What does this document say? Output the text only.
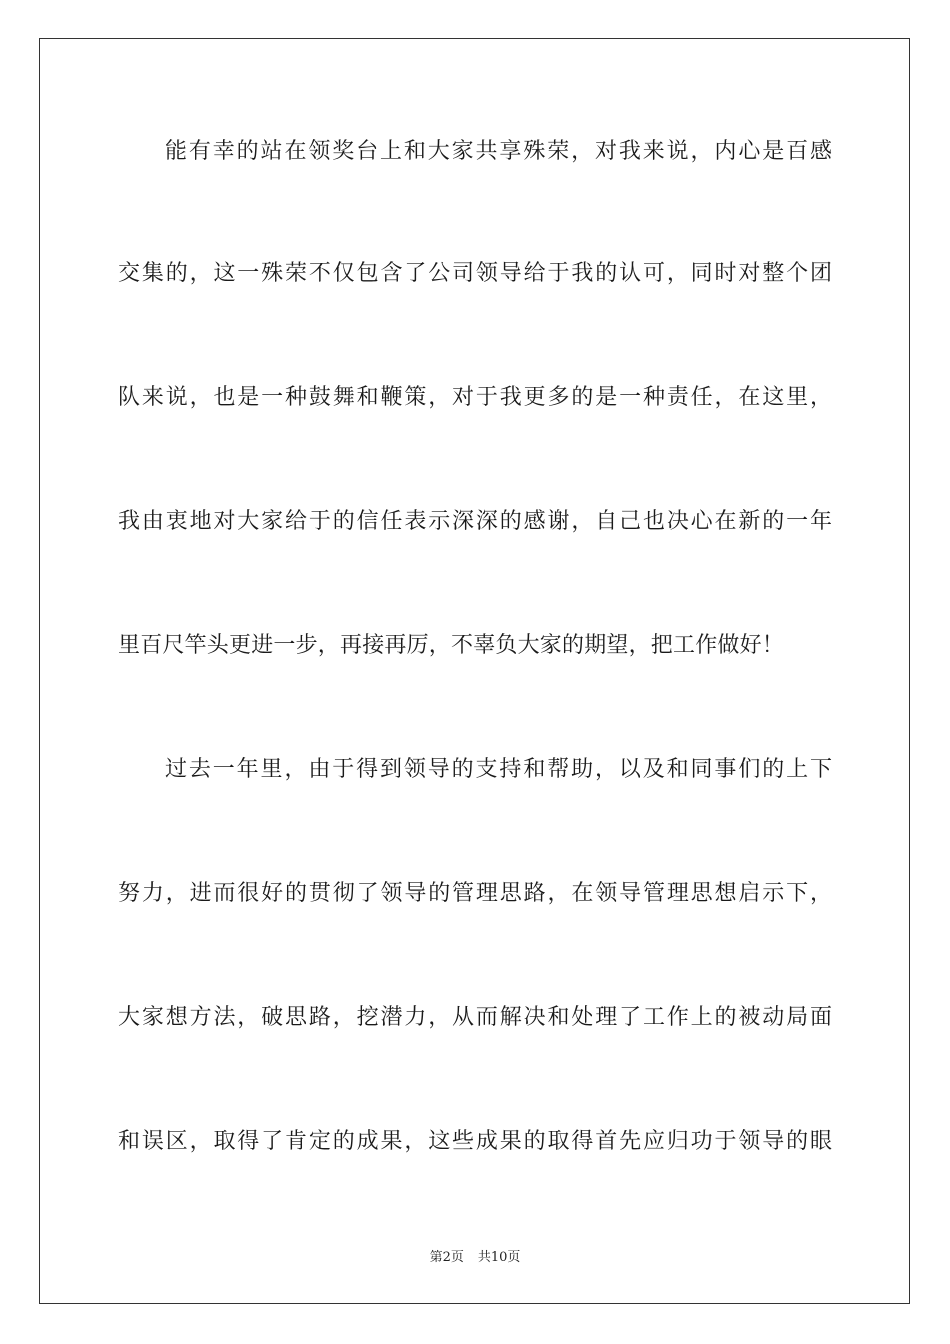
能有幸的站在领奖台上和大家共享殊荣，对我来说，内心是百感
交集的，这一殊荣不仅包含了公司领导给于我的认可，同时对整个团
队来说，也是一种鼓舞和鞭策，对于我更多的是一种责任，在这里，
我由衷地对大家给于的信任表示深深的感谢，自己也决心在新的一年
里百尺竿头更进一步，再接再厉，不辜负大家的期望，把工作做好！
过去一年里，由于得到领导的支持和帮助，以及和同事们的上下
努力，进而很好的贯彻了领导的管理思路，在领导管理思想启示下，
大家想方法，破思路，挖潜力，从而解决和处理了工作上的被动局面
和误区，取得了肯定的成果，这些成果的取得首先应归功于领导的眼
第2页 共10页
